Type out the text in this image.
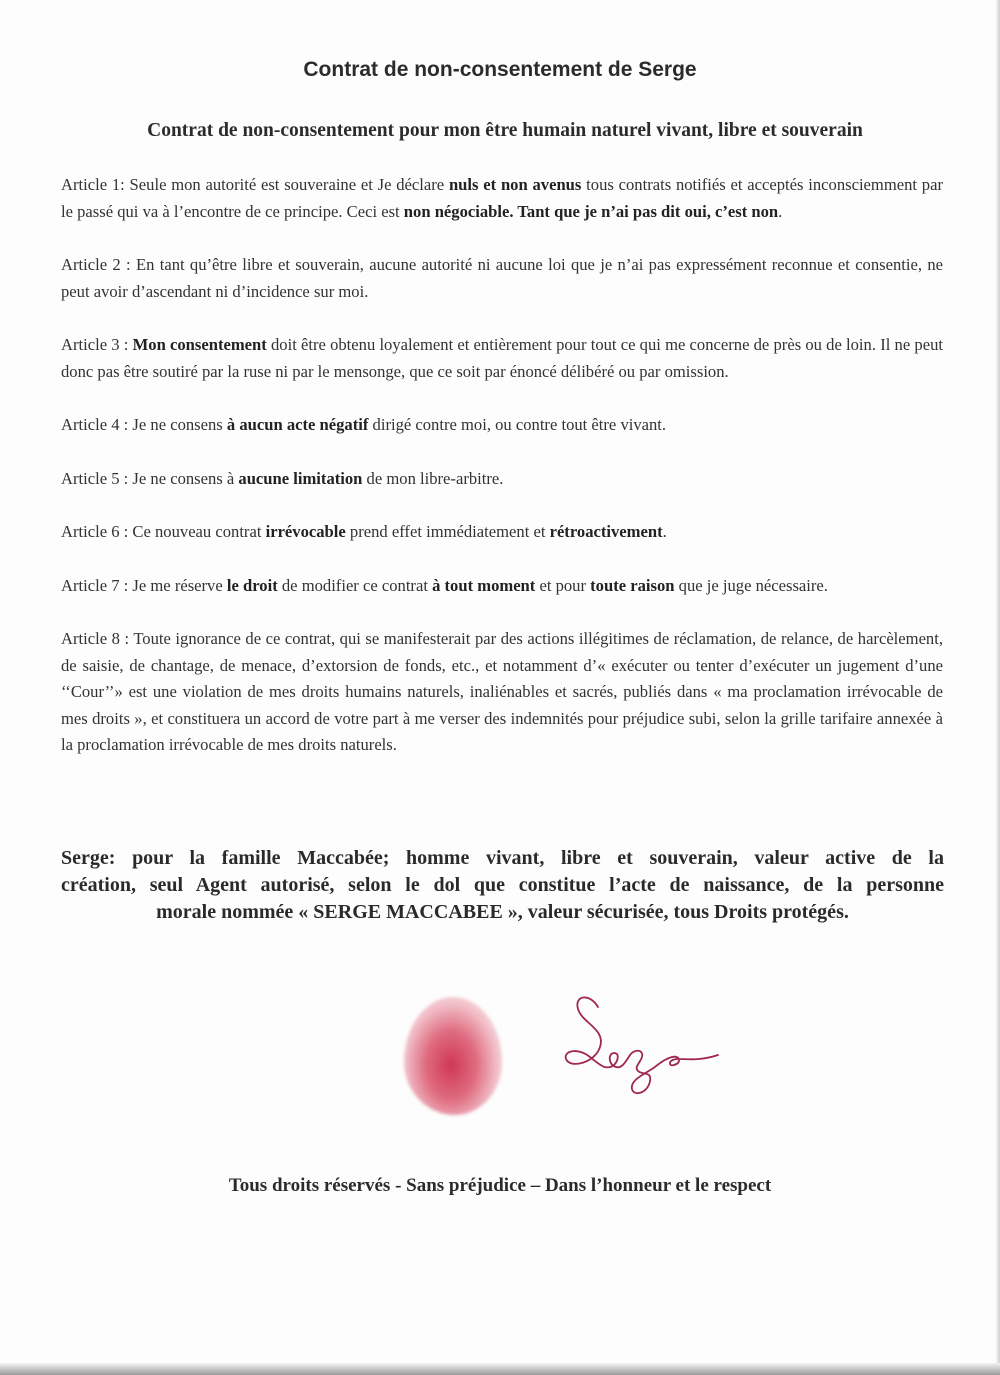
Contrat de non-consentement de Serge
Contrat de non-consentement pour mon être humain naturel vivant, libre et souverain

Article 1: Seule mon autorité est souveraine et Je déclare nuls et non avenus tous contrats notifiés et acceptés inconsciemment par le passé qui va à l’encontre de ce principe. Ceci est non négociable. Tant que je n’ai pas dit oui, c’est non.

Article 2 : En tant qu’être libre et souverain, aucune autorité ni aucune loi que je n’ai pas expressément reconnue et consentie, ne peut avoir d’ascendant ni d’incidence sur moi.

Article 3 : Mon consentement doit être obtenu loyalement et entièrement pour tout ce qui me concerne de près ou de loin. Il ne peut donc pas être soutiré par la ruse ni par le mensonge, que ce soit par énoncé délibéré ou par omission.

Article 4 : Je ne consens à aucun acte négatif dirigé contre moi, ou contre tout être vivant.

Article 5 : Je ne consens à aucune limitation de mon libre-arbitre.

Article 6 : Ce nouveau contrat irrévocable prend effet immédiatement et rétroactivement.

Article 7 : Je me réserve le droit de modifier ce contrat à tout moment et pour toute raison que je juge nécessaire.

Article 8 : Toute ignorance de ce contrat, qui se manifesterait par des actions illégitimes de réclamation, de relance, de harcèlement, de saisie, de chantage, de menace, d’extorsion de fonds, etc., et notamment d’« exécuter ou tenter d’exécuter un jugement d’une ‘‘Cour’’» est une violation de mes droits humains naturels, inaliénables et sacrés, publiés dans « ma proclamation irrévocable de mes droits », et constituera un accord de votre part à me verser des indemnités pour préjudice subi, selon la grille tarifaire annexée à la proclamation irrévocable de mes droits naturels.

Serge: pour la famille Maccabée; homme vivant, libre et souverain, valeur active de la
création, seul Agent autorisé, selon le dol que constitue l’acte de naissance, de la personne
morale nommée « SERGE MACCABEE », valeur sécurisée, tous Droits protégés.
Tous droits réservés - Sans préjudice – Dans l’honneur et le respect
